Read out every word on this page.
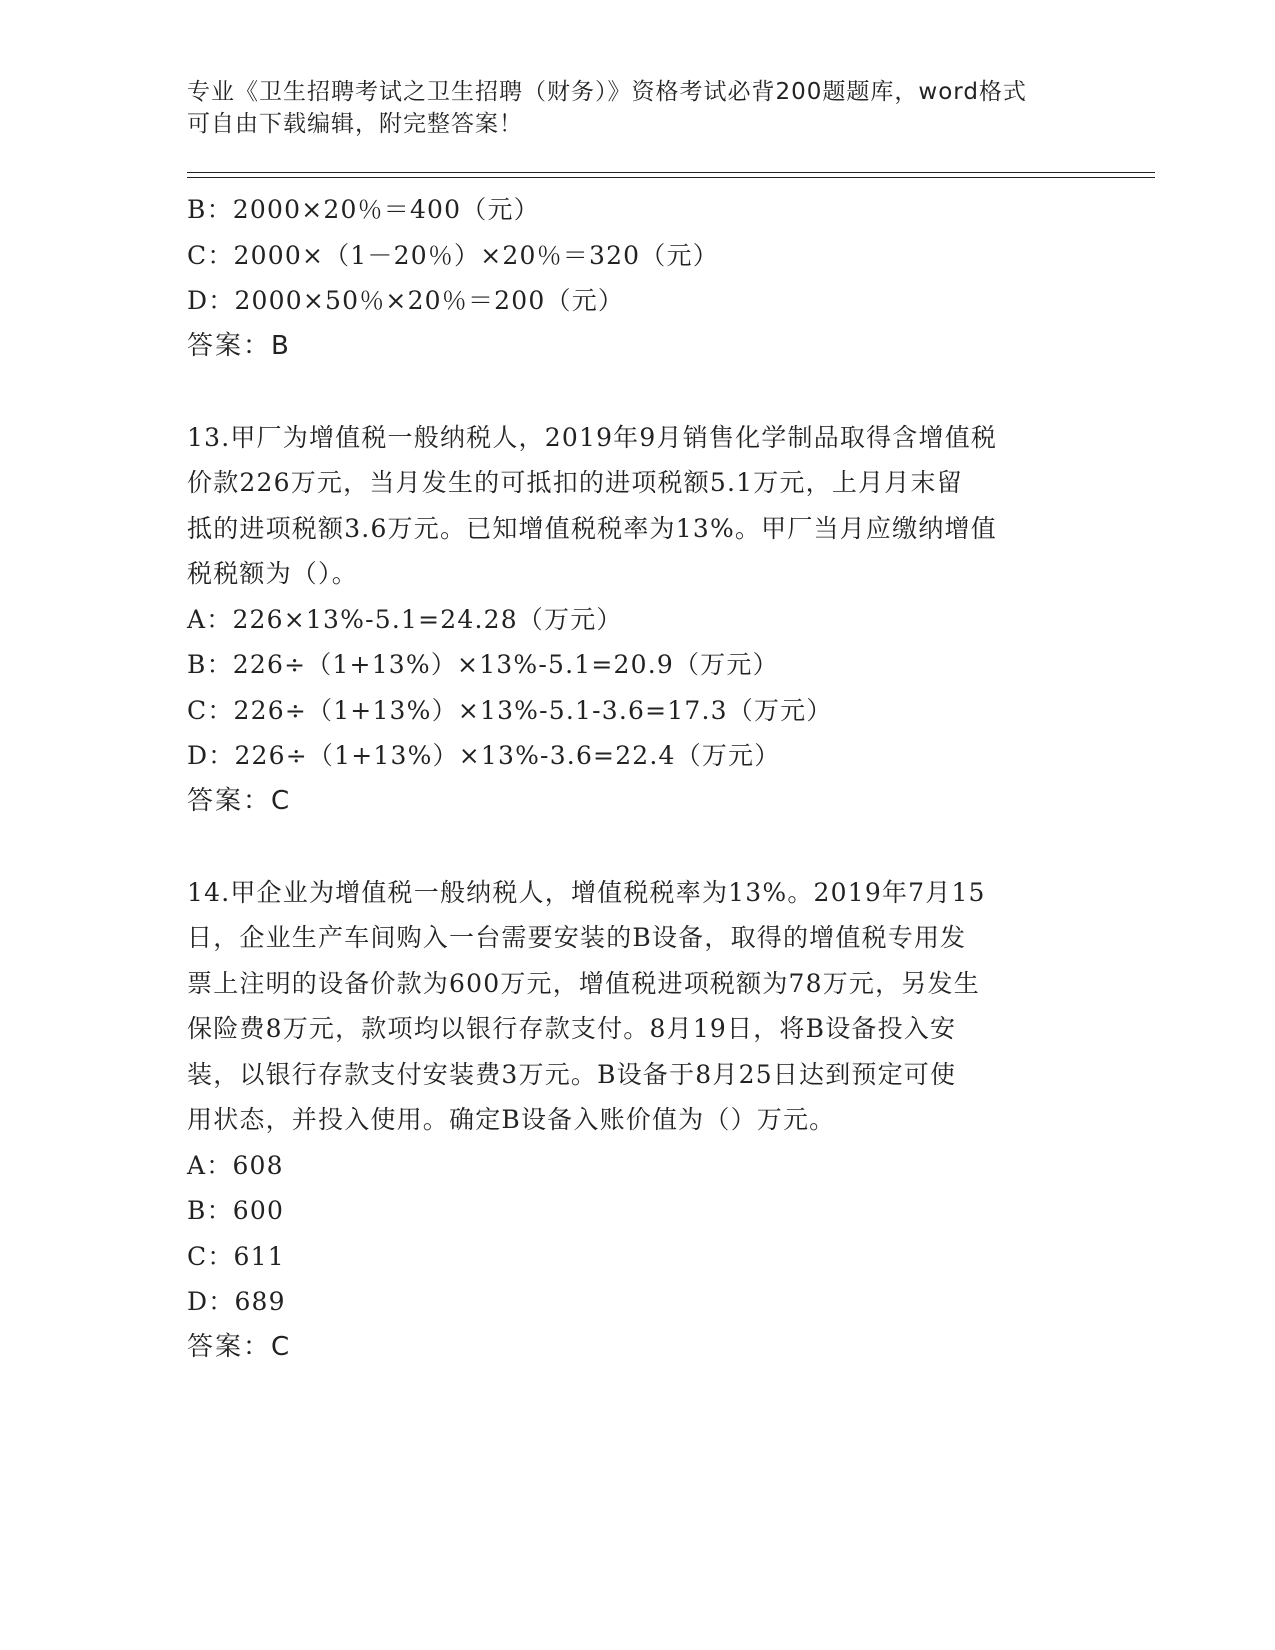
专业《卫生招聘考试之卫生招聘（财务）》资格考试必背200题题库，word格式
可自由下载编辑，附完整答案！
B：2000×20％＝400（元）
C：2000×（1－20％）×20％＝320（元）
D：2000×50％×20％＝200（元）
答案：B
13.甲厂为增值税一般纳税人，2019年9月销售化学制品取得含增值税
价款226万元，当月发生的可抵扣的进项税额5.1万元，上月月末留
抵的进项税额3.6万元。已知增值税税率为13%。甲厂当月应缴纳增值
税税额为（）。
A：226×13%-5.1=24.28（万元）
B：226÷（1+13%）×13%-5.1=20.9（万元）
C：226÷（1+13%）×13%-5.1-3.6=17.3（万元）
D：226÷（1+13%）×13%-3.6=22.4（万元）
答案：C
14.甲企业为增值税一般纳税人，增值税税率为13%。2019年7月15
日，企业生产车间购入一台需要安装的B设备，取得的增值税专用发
票上注明的设备价款为600万元，增值税进项税额为78万元，另发生
保险费8万元，款项均以银行存款支付。8月19日，将B设备投入安
装，以银行存款支付安装费3万元。B设备于8月25日达到预定可使
用状态，并投入使用。确定B设备入账价值为（）万元。
A：608
B：600
C：611
D：689
答案：C
